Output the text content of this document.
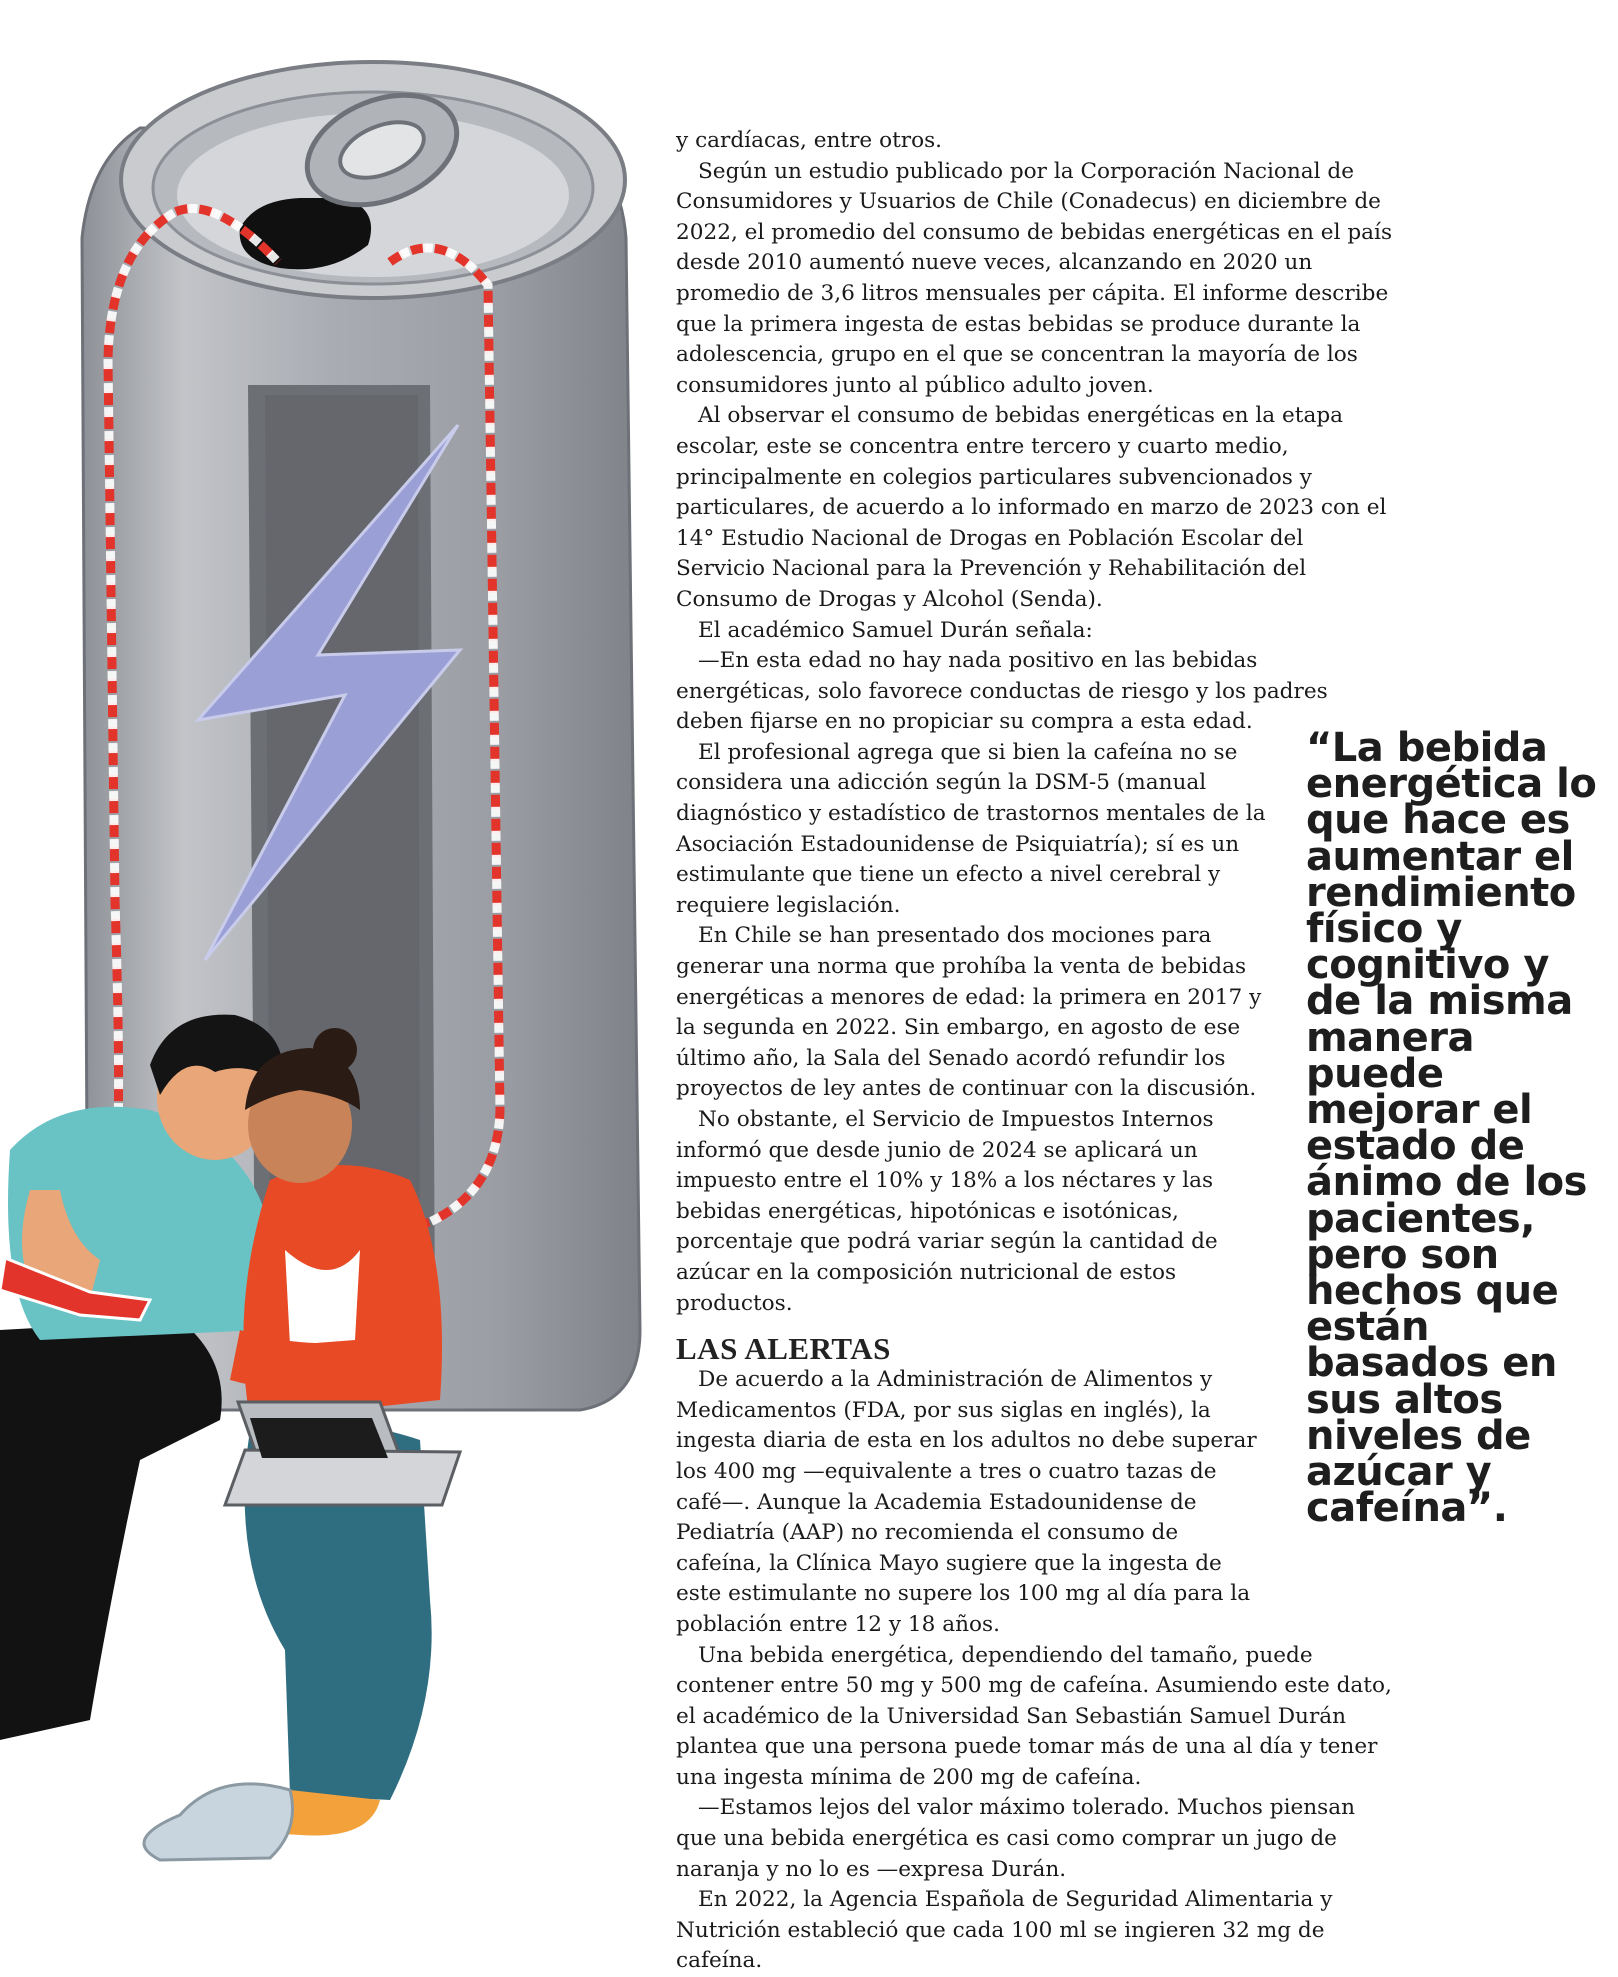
y cardíacas, entre otros.

Según un estudio publicado por la Corporación Nacional de Consumidores y Usuarios de Chile (Conadecus) en diciembre de 2022, el promedio del consumo de bebidas energéticas en el país desde 2010 aumentó nueve veces, alcanzando en 2020 un promedio de 3,6 litros mensuales per cápita. El informe describe que la primera ingesta de estas bebidas se produce durante la adolescencia, grupo en el que se concentran la mayoría de los consumidores junto al público adulto joven.

Al observar el consumo de bebidas energéticas en la etapa escolar, este se concentra entre tercero y cuarto medio, principalmente en colegios particulares subvencionados y particulares, de acuerdo a lo informado en marzo de 2023 con el 14° Estudio Nacional de Drogas en Población Escolar del Servicio Nacional para la Prevención y Rehabilitación del Consumo de Drogas y Alcohol (Senda).

El académico Samuel Durán señala:

—En esta edad no hay nada positivo en las bebidas energéticas, solo favorece conductas de riesgo y los padres deben fijarse en no propiciar su compra a esta edad.

El profesional agrega que si bien la cafeína no se considera una adicción según la DSM-5 (manual diagnóstico y estadístico de trastornos mentales de la Asociación Estadounidense de Psiquiatría); sí es un estimulante que tiene un efecto a nivel cerebral y requiere legislación.

En Chile se han presentado dos mociones para generar una norma que prohíba la venta de bebidas energéticas a menores de edad: la primera en 2017 y la segunda en 2022. Sin embargo, en agosto de ese último año, la Sala del Senado acordó refundir los proyectos de ley antes de continuar con la discusión.

No obstante, el Servicio de Impuestos Internos informó que desde junio de 2024 se aplicará un impuesto entre el 10% y 18% a los néctares y las bebidas energéticas, hipotónicas e isotónicas, porcentaje que podrá variar según la cantidad de azúcar en la composición nutricional de estos productos.

LAS ALERTAS

De acuerdo a la Administración de Alimentos y Medicamentos (FDA, por sus siglas en inglés), la ingesta diaria de esta en los adultos no debe superar los 400 mg —equivalente a tres o cuatro tazas de café—. Aunque la Academia Estadounidense de Pediatría (AAP) no recomienda el consumo de cafeína, la Clínica Mayo sugiere que la ingesta de este estimulante no supere los 100 mg al día para la población entre 12 y 18 años.

Una bebida energética, dependiendo del tamaño, puede contener entre 50 mg y 500 mg de cafeína. Asumiendo este dato, el académico de la Universidad San Sebastián Samuel Durán plantea que una persona puede tomar más de una al día y tener una ingesta mínima de 200 mg de cafeína.

—Estamos lejos del valor máximo tolerado. Muchos piensan que una bebida energética es casi como comprar un jugo de naranja y no lo es —expresa Durán.

En 2022, la Agencia Española de Seguridad Alimentaria y Nutrición estableció que cada 100 ml se ingieren 32 mg de cafeína.

“La bebida energética lo que hace es aumentar el rendimiento físico y cognitivo y de la misma manera puede mejorar el estado de ánimo de los pacientes, pero son hechos que están basados en sus altos niveles de azúcar y cafeína”.
